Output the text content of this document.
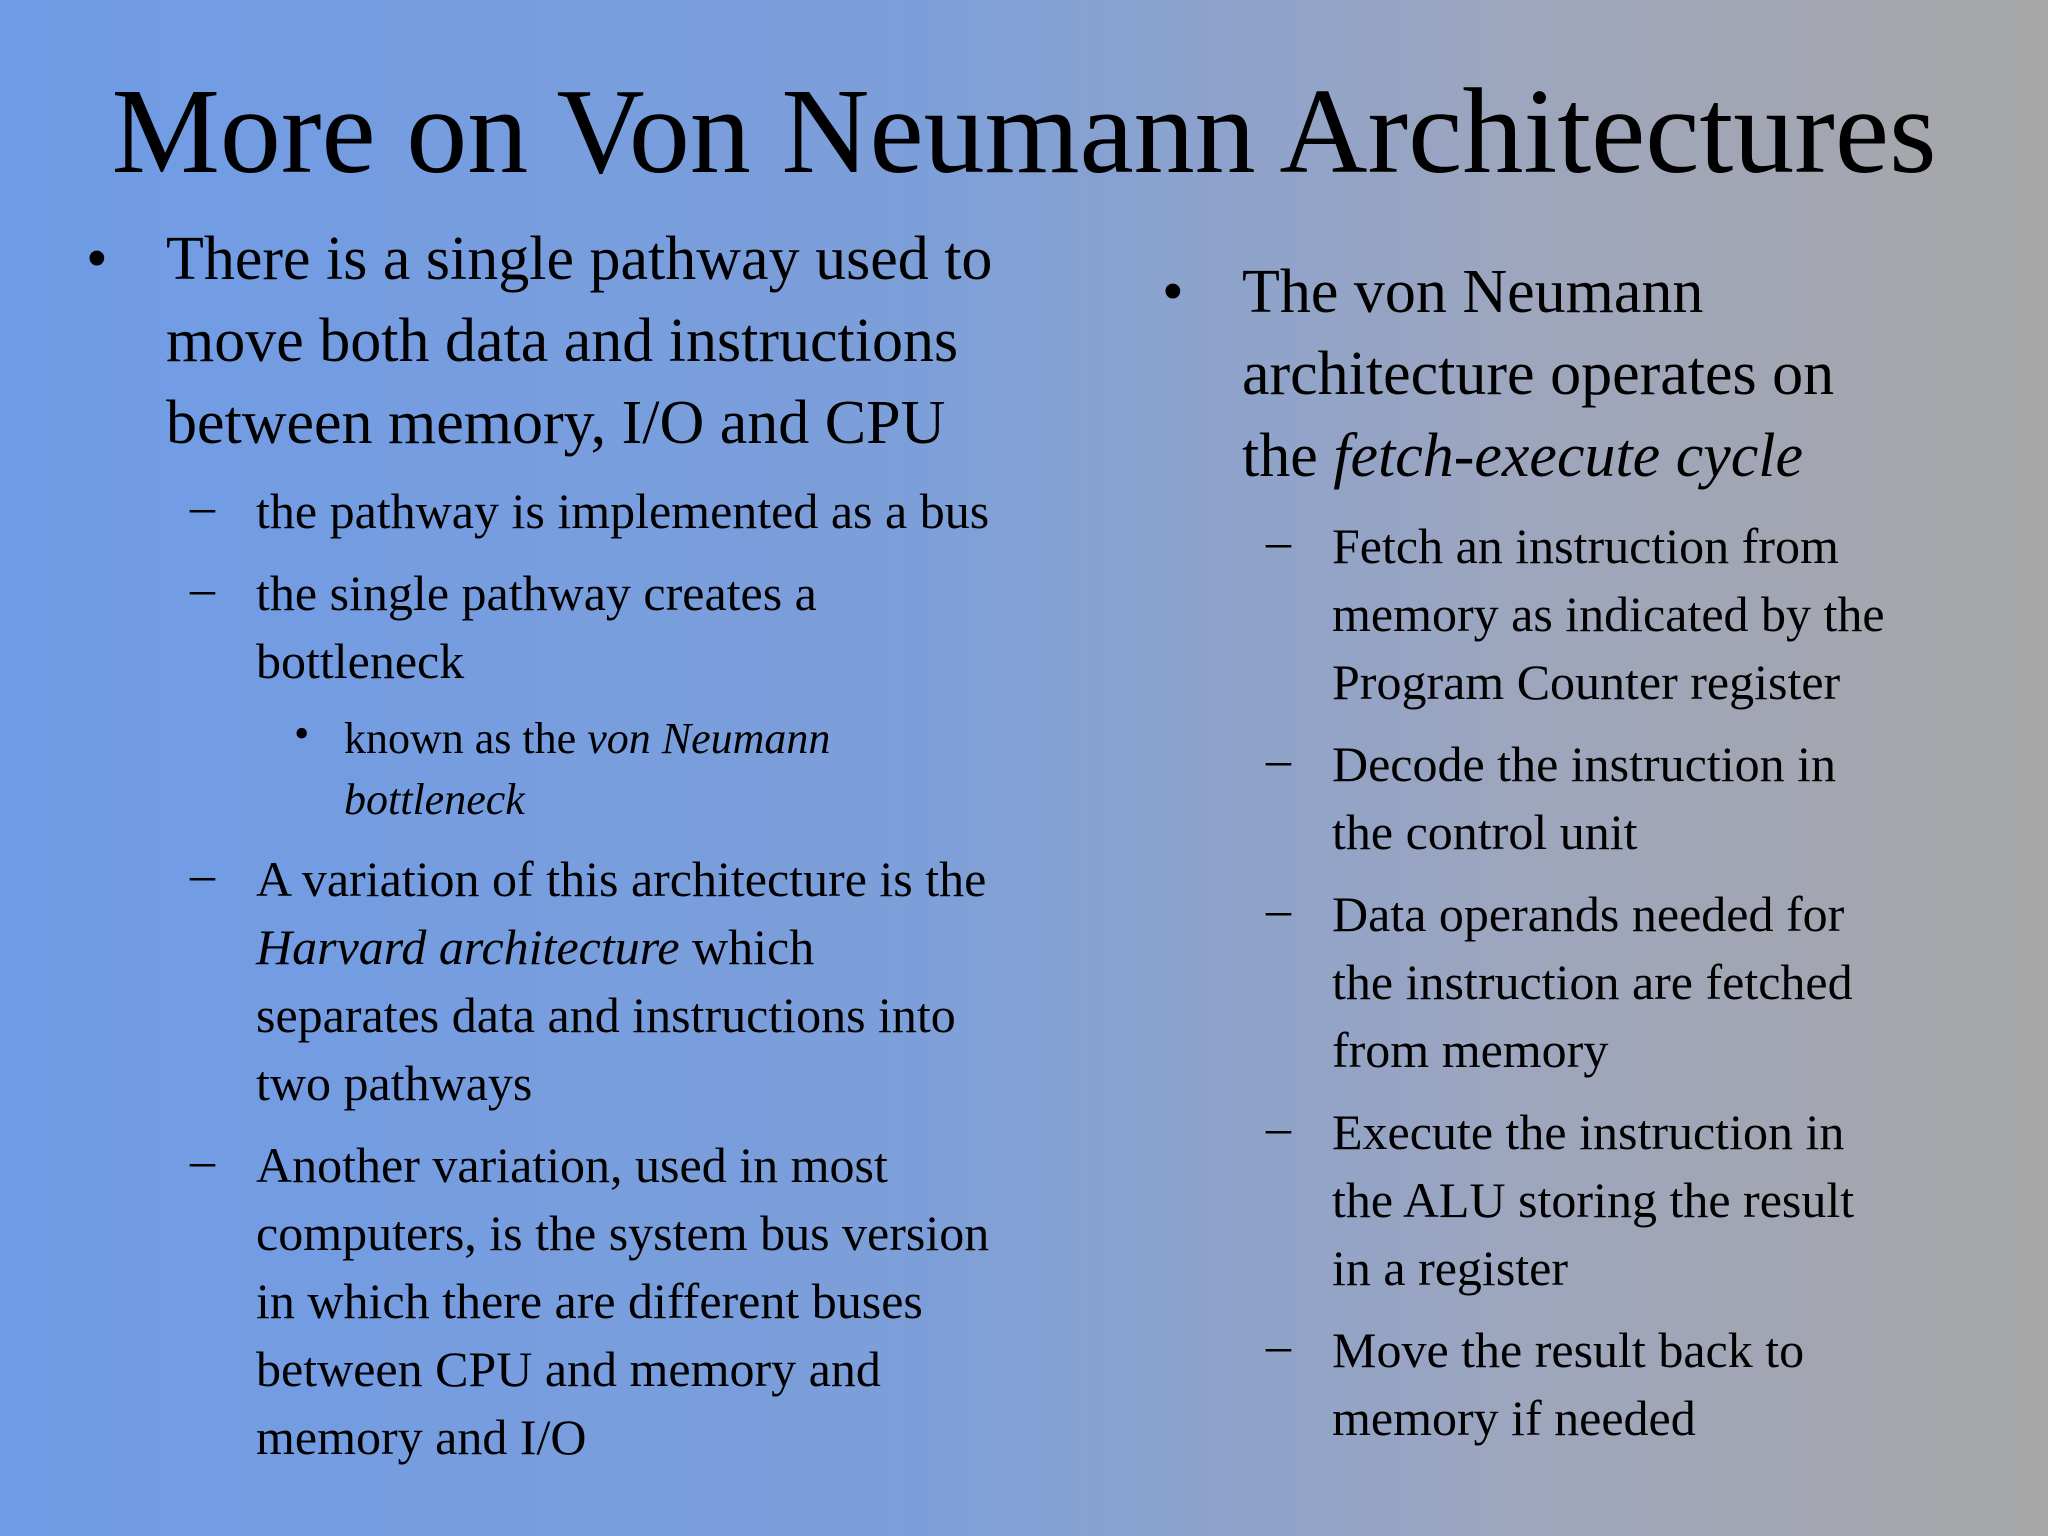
More on Von Neumann Architectures
• There is a single pathway used to
move both data and instructions
between memory, I/O and CPU
– the pathway is implemented as a bus
– the single pathway creates a
bottleneck
• known as the von Neumann
bottleneck
– A variation of this architecture is the
Harvard architecture which
separates data and instructions into
two pathways
– Another variation, used in most
computers, is the system bus version
in which there are different buses
between CPU and memory and
memory and I/O
• The von Neumann
architecture operates on
the fetch-execute cycle
– Fetch an instruction from
memory as indicated by the
Program Counter register
– Decode the instruction in
the control unit
– Data operands needed for
the instruction are fetched
from memory
– Execute the instruction in
the ALU storing the result
in a register
– Move the result back to
memory if needed
